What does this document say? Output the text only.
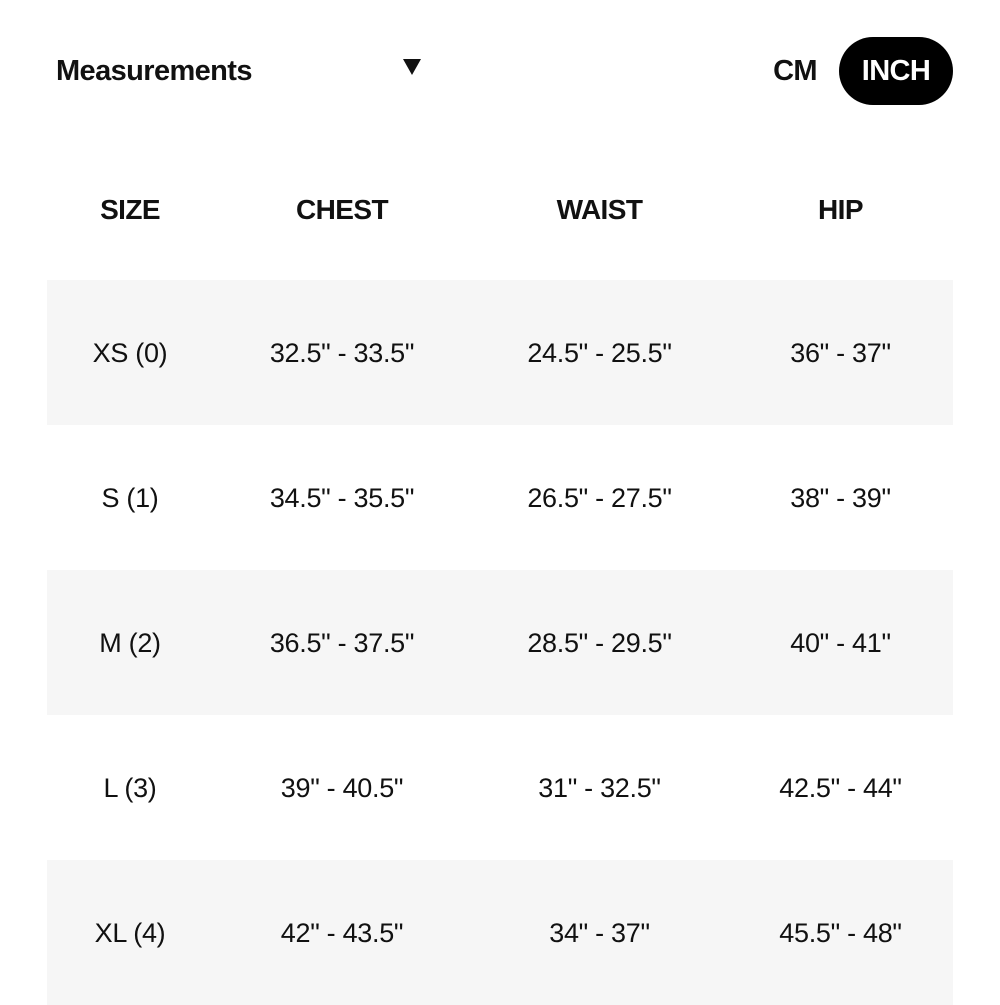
Measurements	CM	INCH
SIZE	CHEST	WAIST	HIP
XS (0)	32.5" - 33.5"	24.5" - 25.5"	36" - 37"
S (1)	34.5" - 35.5"	26.5" - 27.5"	38" - 39"
M (2)	36.5" - 37.5"	28.5" - 29.5"	40" - 41"
L (3)	39" - 40.5"	31" - 32.5"	42.5" - 44"
XL (4)	42" - 43.5"	34" - 37"	45.5" - 48"
